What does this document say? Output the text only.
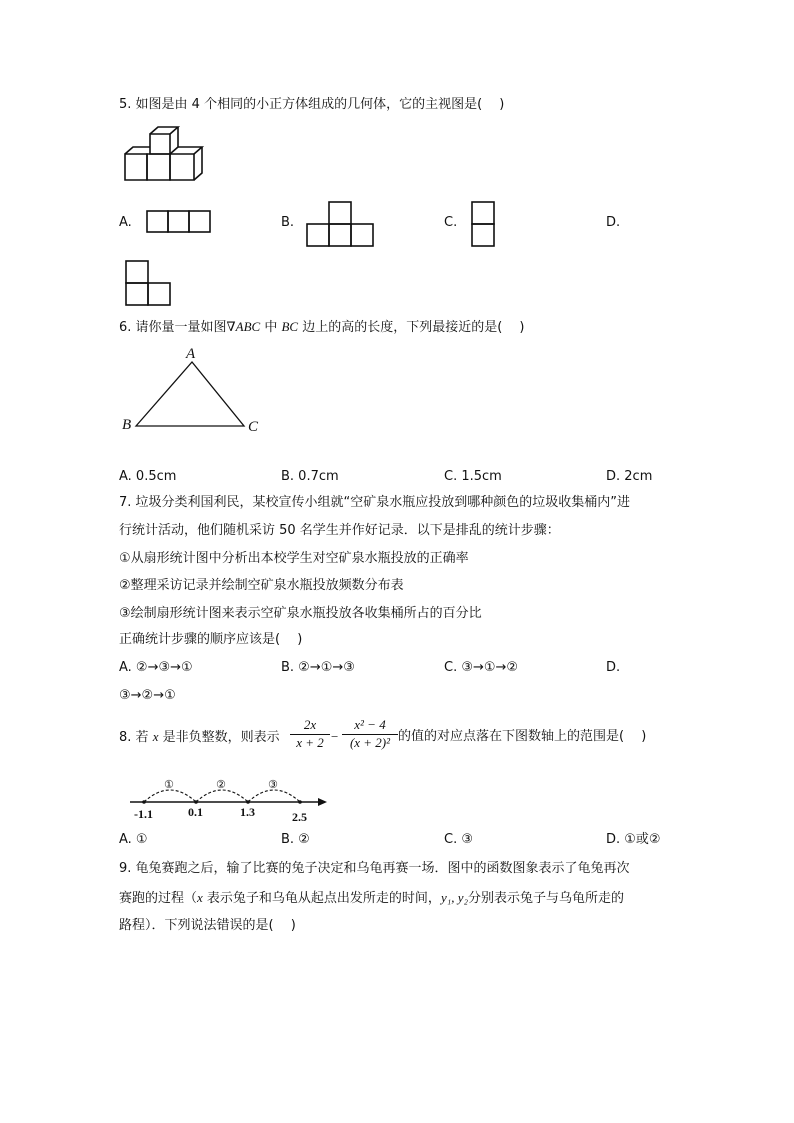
5. 如图是由 4 个相同的小正方体组成的几何体，它的主视图是(　 )
A.	B.	C.	D.
6. 请你量一量如图∇ABC 中 BC 边上的高的长度，下列最接近的是(　 )
A
B	C
A. 0.5cm	B. 0.7cm	C. 1.5cm	D. 2cm
7. 垃圾分类利国利民，某校宣传小组就“空矿泉水瓶应投放到哪种颜色的垃圾收集桶内”进
行统计活动，他们随机采访 50 名学生并作好记录．以下是排乱的统计步骤：
①从扇形统计图中分析出本校学生对空矿泉水瓶投放的正确率
②整理采访记录并绘制空矿泉水瓶投放频数分布表
③绘制扇形统计图来表示空矿泉水瓶投放各收集桶所占的百分比
正确统计步骤的顺序应该是(　 )
A. ②→③→①	B. ②→①→③	C. ③→①→②	D.
③→②→①
8. 若 x 是非负整数，则表示 $\frac{2x}{x + 2} - \frac{\text{x² − 4}}{\text{(x + 2)²}}$ 的值的对应点落在下图数轴上的范围是(　 )
①	②	③
-1.1	0.1	1.3	2.5
A. ①	B. ②	C. ③	D. ①或②
9. 龟兔赛跑之后，输了比赛的兔子决定和乌龟再赛一场．图中的函数图象表示了龟兔再次
赛跑的过程（x 表示兔子和乌龟从起点出发所走的时间，y₁, y₂分别表示兔子与乌龟所走的
路程）．下列说法错误的是(　 )
